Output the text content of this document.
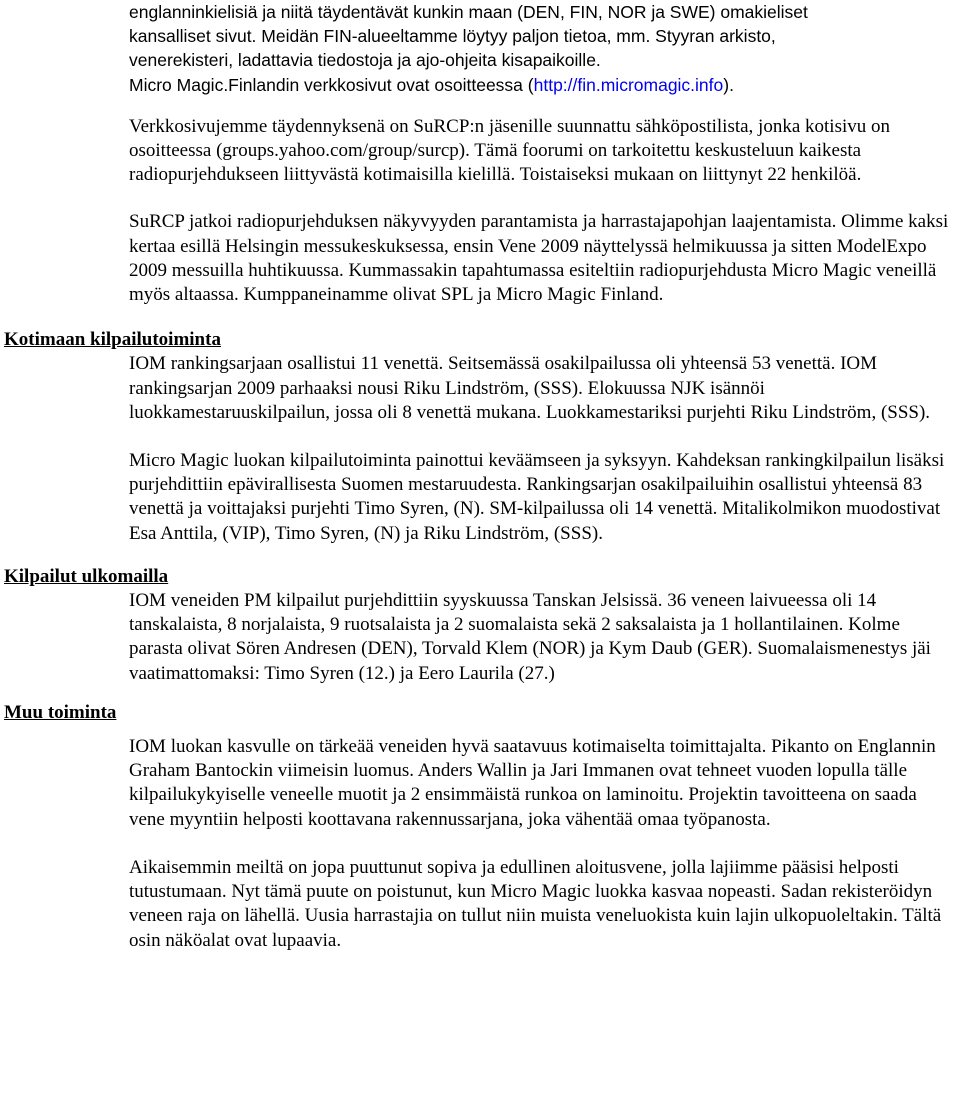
englanninkielisiä ja niitä täydentävät kunkin maan (DEN, FIN, NOR ja SWE) omakieliset

kansalliset sivut. Meidän FIN-alueeltamme löytyy paljon tietoa, mm. Styyran arkisto,

venerekisteri, ladattavia tiedostoja ja ajo-ohjeita kisapaikoille.

Micro Magic.Finlandin verkkosivut ovat osoitteessa (http://fin.micromagic.info).

Verkkosivujemme täydennyksenä on SuRCP:n jäsenille suunnattu sähköpostilista, jonka kotisivu on osoitteessa (groups.yahoo.com/group/surcp). Tämä foorumi on tarkoitettu keskusteluun kaikesta radiopurjehdukseen liittyvästä kotimaisilla kielillä. Toistaiseksi mukaan on liittynyt 22 henkilöä.

SuRCP jatkoi radiopurjehduksen näkyvyyden parantamista ja harrastajapohjan laajentamista. Olimme kaksi kertaa esillä Helsingin messukeskuksessa, ensin Vene 2009 näyttelyssä helmikuussa ja sitten ModelExpo 2009 messuilla huhtikuussa. Kummassakin tapahtumassa esiteltiin radiopurjehdusta Micro Magic veneillä myös altaassa. Kumppaneinamme olivat SPL ja Micro Magic Finland.

Kotimaan kilpailutoiminta

IOM rankingsarjaan osallistui 11 venettä. Seitsemässä osakilpailussa oli yhteensä 53 venettä. IOM rankingsarjan 2009 parhaaksi nousi Riku Lindström, (SSS). Elokuussa NJK isännöi luokkamestaruuskilpailun, jossa oli 8 venettä mukana. Luokkamestariksi purjehti Riku Lindström, (SSS).

Micro Magic luokan kilpailutoiminta painottui keväämseen ja syksyyn. Kahdeksan rankingkilpailun lisäksi purjehdittiin epävirallisesta Suomen mestaruudesta. Rankingsarjan osakilpailuihin osallistui yhteensä 83 venettä ja voittajaksi purjehti Timo Syren, (N). SM-kilpailussa oli 14 venettä. Mitalikolmikon muodostivat Esa Anttila, (VIP), Timo Syren, (N) ja Riku Lindström, (SSS).

Kilpailut ulkomailla

IOM veneiden PM kilpailut purjehdittiin syyskuussa Tanskan Jelsissä. 36 veneen laivueessa oli 14 tanskalaista, 8 norjalaista, 9 ruotsalaista ja 2 suomalaista sekä 2 saksalaista ja 1 hollantilainen. Kolme parasta olivat Sören Andresen (DEN), Torvald Klem (NOR) ja Kym Daub (GER). Suomalaismenestys jäi vaatimattomaksi: Timo Syren (12.) ja Eero Laurila (27.)

Muu toiminta

IOM luokan kasvulle on tärkeää veneiden hyvä saatavuus kotimaiselta toimittajalta. Pikanto on Englannin Graham Bantockin viimeisin luomus. Anders Wallin ja Jari Immanen ovat tehneet vuoden lopulla tälle kilpailukykyiselle veneelle muotit ja 2 ensimmäistä runkoa on laminoitu. Projektin tavoitteena on saada vene myyntiin helposti koottavana rakennussarjana, joka vähentää omaa työpanosta.

Aikaisemmin meiltä on jopa puuttunut sopiva ja edullinen aloitusvene, jolla lajiimme pääsisi helposti tutustumaan. Nyt tämä puute on poistunut, kun Micro Magic luokka kasvaa nopeasti. Sadan rekisteröidyn veneen raja on lähellä. Uusia harrastajia on tullut niin muista veneluokista kuin lajin ulkopuoleltakin. Tältä osin näköalat ovat lupaavia.
